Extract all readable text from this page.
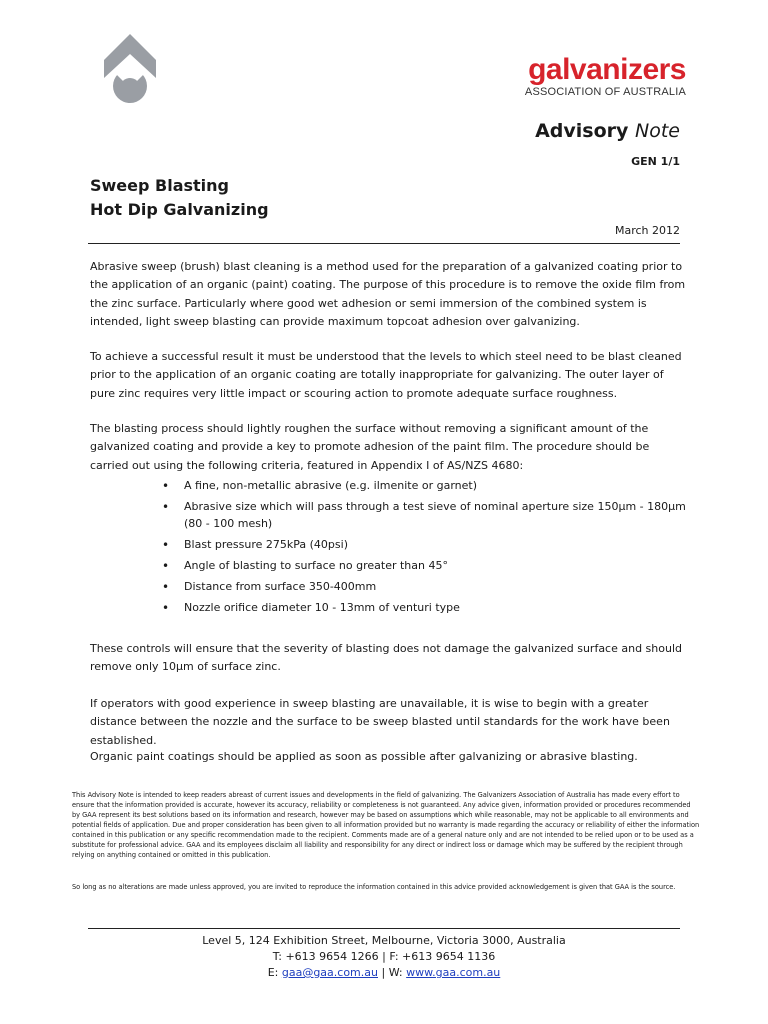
galvanizers
ASSOCIATION OF AUSTRALIA
Advisory Note
GEN 1/1
Sweep Blasting
Hot Dip Galvanizing
March 2012
Abrasive sweep (brush) blast cleaning is a method used for the preparation of a galvanized coating prior to the application of an organic (paint) coating. The purpose of this procedure is to remove the oxide film from the zinc surface. Particularly where good wet adhesion or semi immersion of the combined system is intended, light sweep blasting can provide maximum topcoat adhesion over galvanizing.
To achieve a successful result it must be understood that the levels to which steel need to be blast cleaned prior to the application of an organic coating are totally inappropriate for galvanizing. The outer layer of pure zinc requires very little impact or scouring action to promote adequate surface roughness.
The blasting process should lightly roughen the surface without removing a significant amount of the galvanized coating and provide a key to promote adhesion of the paint film. The procedure should be carried out using the following criteria, featured in Appendix I of AS/NZS 4680:
• A fine, non-metallic abrasive (e.g. ilmenite or garnet)
• Abrasive size which will pass through a test sieve of nominal aperture size 150µm - 180µm
(80 - 100 mesh)
• Blast pressure 275kPa (40psi)
• Angle of blasting to surface no greater than 45°
• Distance from surface 350-400mm
• Nozzle orifice diameter 10 - 13mm of venturi type
These controls will ensure that the severity of blasting does not damage the galvanized surface and should remove only 10µm of surface zinc.
If operators with good experience in sweep blasting are unavailable, it is wise to begin with a greater distance between the nozzle and the surface to be sweep blasted until standards for the work have been established.
Organic paint coatings should be applied as soon as possible after galvanizing or abrasive blasting.
This Advisory Note is intended to keep readers abreast of current issues and developments in the field of galvanizing. The Galvanizers Association of Australia has made every effort to ensure that the information provided is accurate, however its accuracy, reliability or completeness is not guaranteed. Any advice given, information provided or procedures recommended by GAA represent its best solutions based on its information and research, however may be based on assumptions which while reasonable, may not be applicable to all environments and potential fields of application. Due and proper consideration has been given to all information provided but no warranty is made regarding the accuracy or reliability of either the information contained in this publication or any specific recommendation made to the recipient. Comments made are of a general nature only and are not intended to be relied upon or to be used as a substitute for professional advice. GAA and its employees disclaim all liability and responsibility for any direct or indirect loss or damage which may be suffered by the recipient through relying on anything contained or omitted in this publication.
So long as no alterations are made unless approved, you are invited to reproduce the information contained in this advice provided acknowledgement is given that GAA is the source.
Level 5, 124 Exhibition Street, Melbourne, Victoria 3000, Australia
T: +613 9654 1266 | F: +613 9654 1136
E: gaa@gaa.com.au | W: www.gaa.com.au
